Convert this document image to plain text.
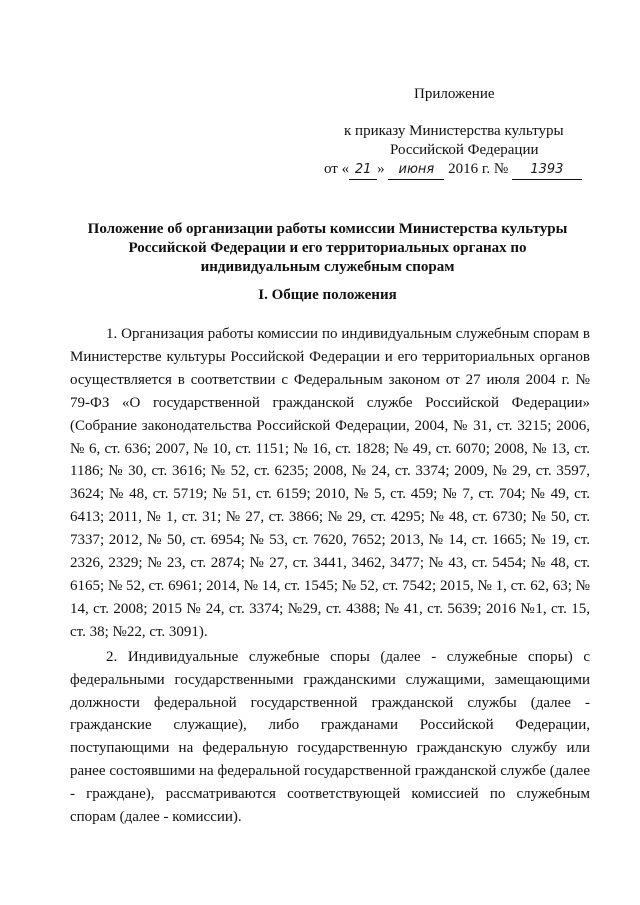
Приложение
к приказу Министерства культуры
Российской Федерации
от « 21 » июня 2016 г. № 1393
Положение об организации работы комиссии Министерства культуры
Российской Федерации и его территориальных органах по
индивидуальным служебным спорам
I. Общие положения

1. Организация работы комиссии по индивидуальным служебным спорам в Министерстве культуры Российской Федерации и его территориальных органов осуществляется в соответствии с Федеральным законом от 27 июля 2004 г. № 79-ФЗ «О государственной гражданской службе Российской Федерации» (Собрание законодательства Российской Федерации, 2004, № 31, ст. 3215; 2006, № 6, ст. 636; 2007, № 10, ст. 1151; № 16, ст. 1828; № 49, ст. 6070; 2008, № 13, ст. 1186; № 30, ст. 3616; № 52, ст. 6235; 2008, № 24, ст. 3374; 2009, № 29, ст. 3597, 3624; № 48, ст. 5719; № 51, ст. 6159; 2010, № 5, ст. 459; № 7, ст. 704; № 49, ст. 6413; 2011, № 1, ст. 31; № 27, ст. 3866; № 29, ст. 4295; № 48, ст. 6730; № 50, ст. 7337; 2012, № 50, ст. 6954; № 53, ст. 7620, 7652; 2013, № 14, ст. 1665; № 19, ст. 2326, 2329; № 23, ст. 2874; № 27, ст. 3441, 3462, 3477; № 43, ст. 5454; № 48, ст. 6165; № 52, ст. 6961; 2014, № 14, ст. 1545; № 52, ст. 7542; 2015, № 1, ст. 62, 63; № 14, ст. 2008; 2015 № 24, ст. 3374; №29, ст. 4388; № 41, ст. 5639; 2016 №1, ст. 15, ст. 38; №22, ст. 3091).

2. Индивидуальные служебные споры (далее - служебные споры) с федеральными государственными гражданскими служащими, замещающими должности федеральной государственной гражданской службы (далее - гражданские служащие), либо гражданами Российской Федерации, поступающими на федеральную государственную гражданскую службу или ранее состоявшими на федеральной государственной гражданской службе (далее - граждане), рассматриваются соответствующей комиссией по служебным спорам (далее - комиссии).
